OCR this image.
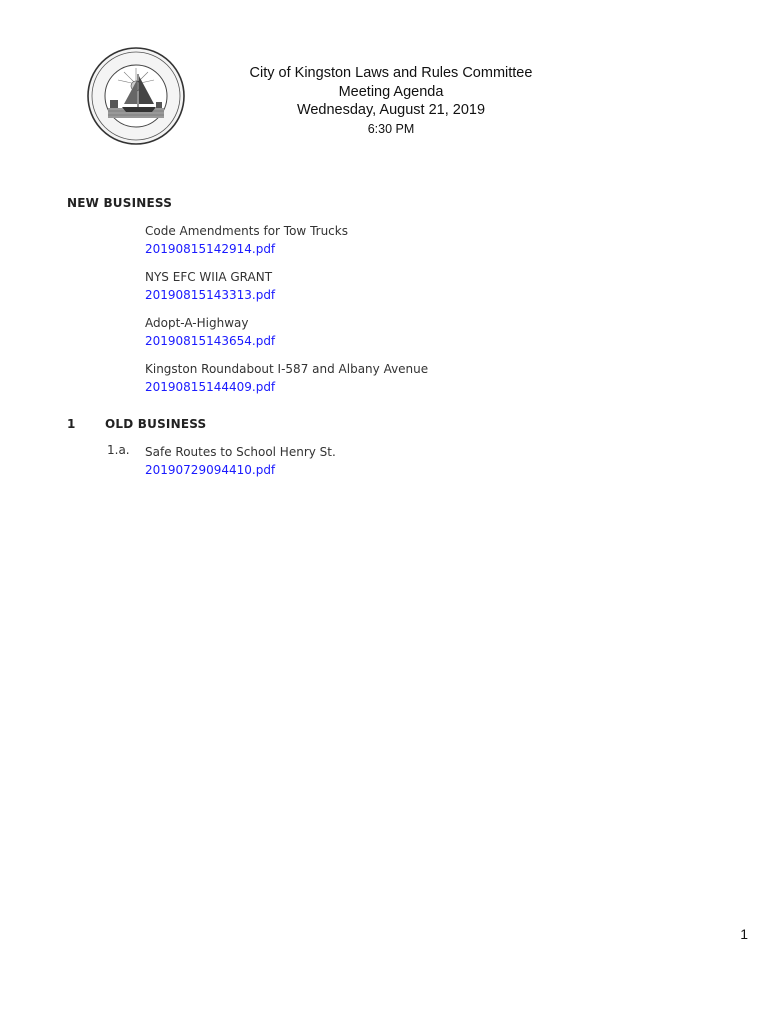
City of Kingston Laws and Rules Committee
Meeting Agenda
Wednesday, August 21, 2019
6:30 PM
NEW BUSINESS
Code Amendments for Tow Trucks
20190815142914.pdf
NYS EFC WIIA GRANT
20190815143313.pdf
Adopt-A-Highway
20190815143654.pdf
Kingston Roundabout I-587 and Albany Avenue
20190815144409.pdf
1 OLD BUSINESS
1.a. Safe Routes to School Henry St.
20190729094410.pdf
1
